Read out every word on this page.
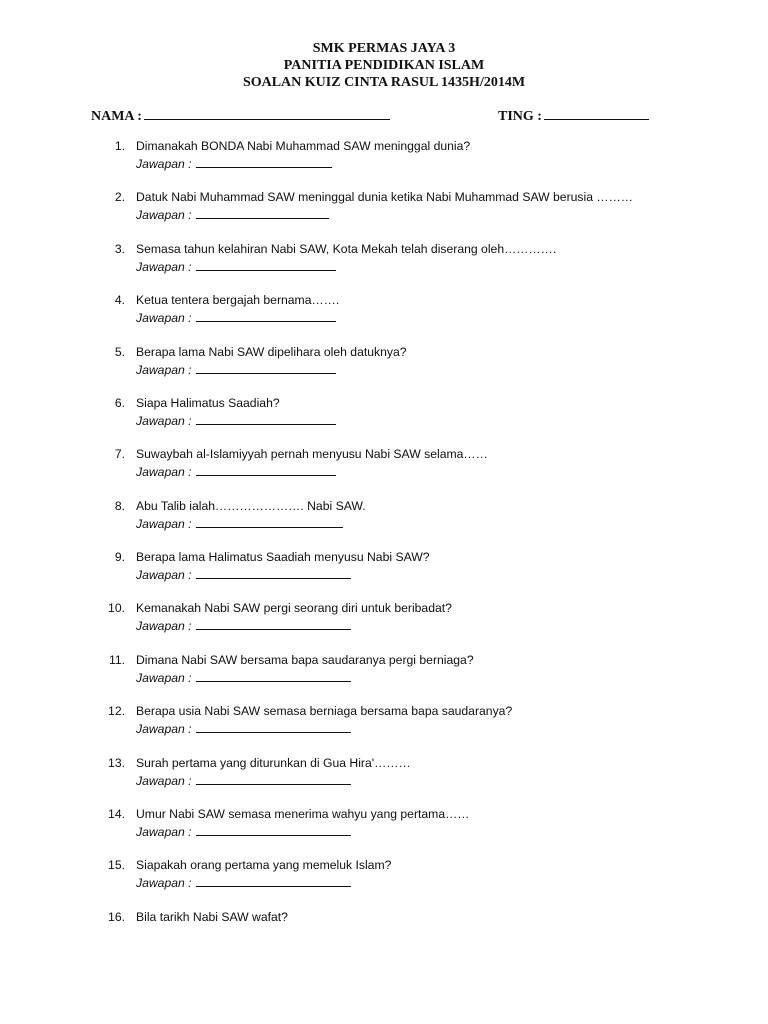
SMK PERMAS JAYA 3
PANITIA PENDIDIKAN ISLAM
SOALAN KUIZ CINTA RASUL 1435H/2014M
NAMA :	TING :
1. Dimanakah BONDA Nabi Muhammad SAW meninggal dunia?
Jawapan :
2. Datuk Nabi Muhammad SAW meninggal dunia ketika Nabi Muhammad SAW berusia ………
Jawapan :
3. Semasa tahun kelahiran Nabi SAW, Kota Mekah telah diserang oleh………….
Jawapan :
4. Ketua tentera bergajah bernama…….
Jawapan :
5. Berapa lama Nabi SAW dipelihara oleh datuknya?
Jawapan :
6. Siapa Halimatus Saadiah?
Jawapan :
7. Suwaybah al-Islamiyyah pernah menyusu Nabi SAW selama……
Jawapan :
8. Abu Talib ialah…………………. Nabi SAW.
Jawapan :
9. Berapa lama Halimatus Saadiah menyusu Nabi SAW?
Jawapan :
10. Kemanakah Nabi SAW pergi seorang diri untuk beribadat?
Jawapan :
11. Dimana Nabi SAW bersama bapa saudaranya pergi berniaga?
Jawapan :
12. Berapa usia Nabi SAW semasa berniaga bersama bapa saudaranya?
Jawapan :
13. Surah pertama yang diturunkan di Gua Hira'………
Jawapan :
14. Umur Nabi SAW semasa menerima wahyu yang pertama……
Jawapan :
15. Siapakah orang pertama yang memeluk Islam?
Jawapan :
16. Bila tarikh Nabi SAW wafat?
